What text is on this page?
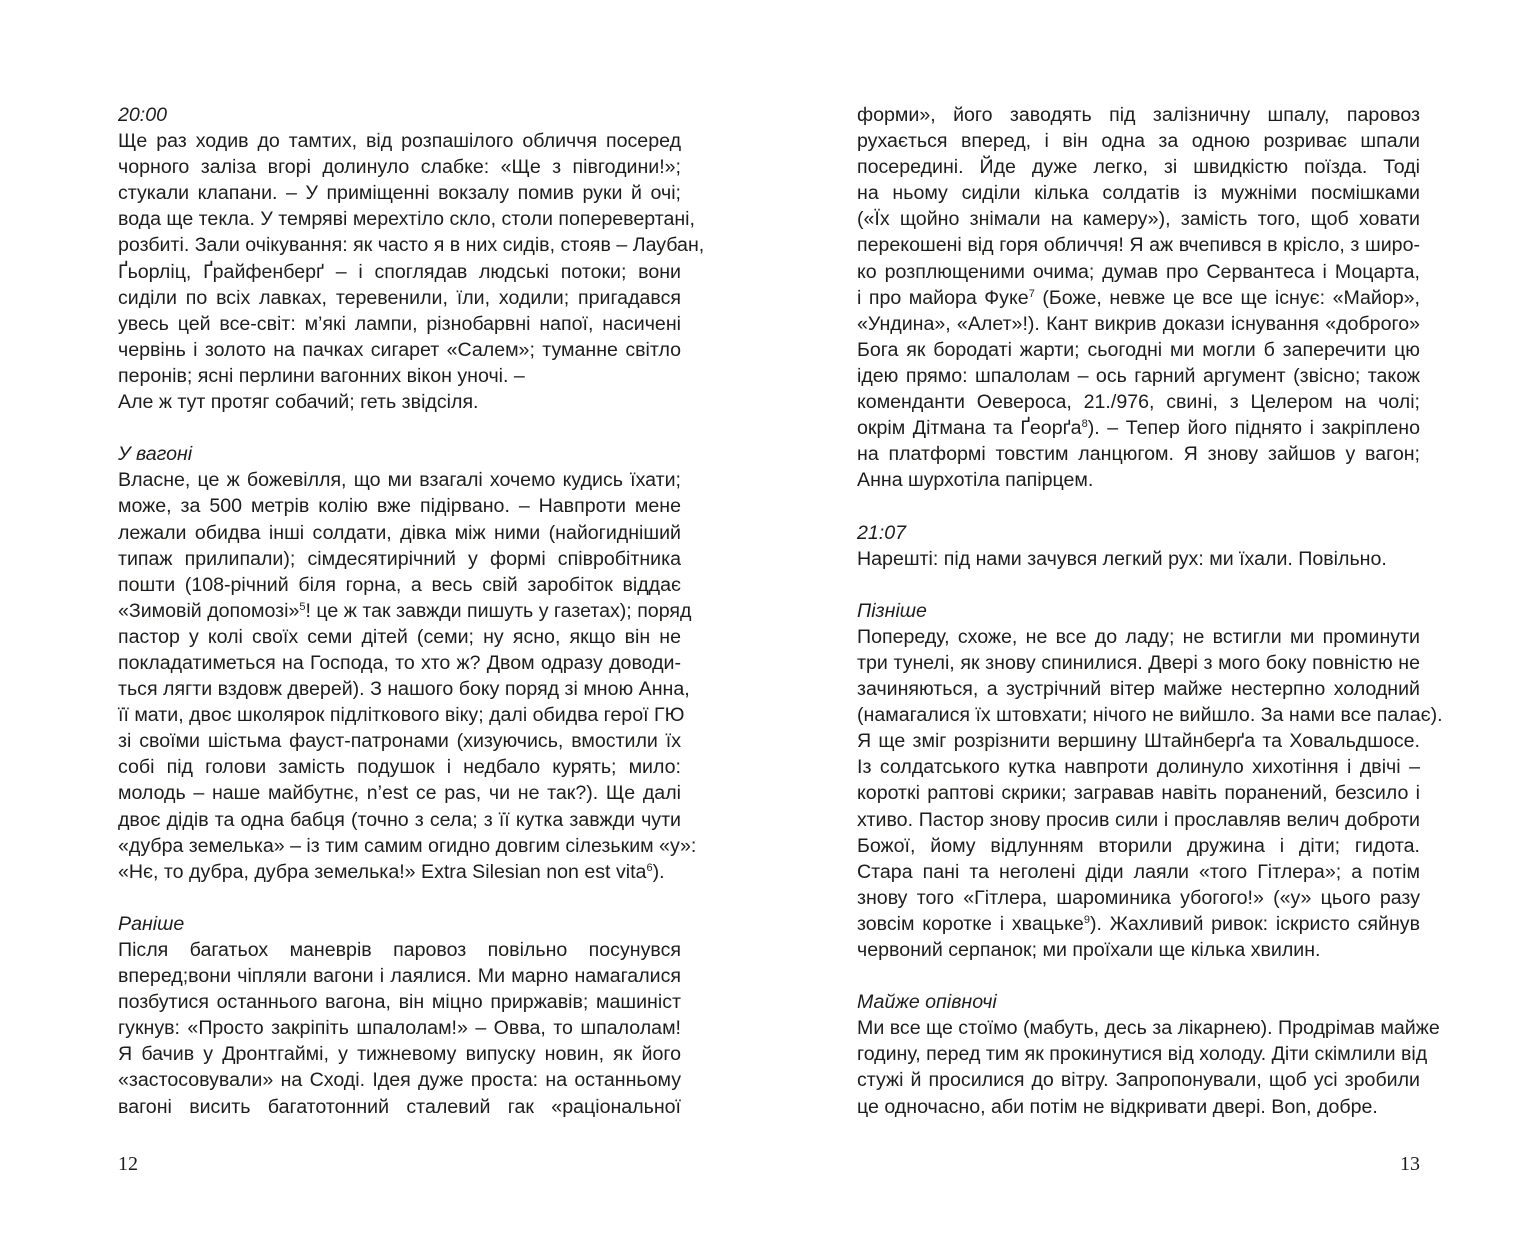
20:00
Ще раз ходив до тамтих, від розпашілого обличчя посеред
чорного заліза вгорі долинуло слабке: «Ще з півгодини!»;
стукали клапани. – У приміщенні вокзалу помив руки й очі;
вода ще текла. У темряві мерехтіло скло, столи поперевертані,
розбиті. Зали очікування: як часто я в них сидів, стояв – Лаубан,
Ґьорліц, Ґрайфенберґ – і споглядав людські потоки; вони
сиділи по всіх лавках, теревенили, їли, ходили; пригадався
увесь цей все-світ: м’які лампи, різнобарвні напої, насичені
червінь і золото на пачках сигарет «Салем»; туманне світло
перонів; ясні перлини вагонних вікон уночі. –
Але ж тут протяг собачий; геть звідсіля.
У вагоні
Власне, це ж божевілля, що ми взагалі хочемо кудись їхати;
може, за 500 метрів колію вже підірвано. – Навпроти мене
лежали обидва інші солдати, дівка між ними (найогидніший
типаж прилипали); сімдесятирічний у формі співробітника
пошти (108-річний біля горна, а весь свій заробіток віддає
«Зимовій допомозі»$^5$! це ж так завжди пишуть у газетах); поряд
пастор у колі своїх семи дітей (семи; ну ясно, якщо він не
покладатиметься на Господа, то хто ж? Двом одразу доводи-
ться лягти вздовж дверей). З нашого боку поряд зі мною Анна,
її мати, двоє школярок підліткового віку; далі обидва герої ГЮ
зі своїми шістьма фауст-патронами (хизуючись, вмостили їх
собі під голови замість подушок і недбало курять; мило:
молодь – наше майбутнє, n’est ce pas, чи не так?). Ще далі
двоє дідів та одна бабця (точно з села; з її кутка завжди чути
«дубра земелька» – із тим самим огидно довгим сілезьким «у»:
«Нє, то дубра, дубра земелька!» Extra Silesian non est vita$^6$).
Раніше
Після багатьох маневрів паровоз повільно посунувся
вперед;вони чіпляли вагони і лаялися. Ми марно намагалися
позбутися останнього вагона, він міцно приржавів; машиніст
гукнув: «Просто закріпіть шпалолам!» – Овва, то шпалолам!
Я бачив у Дронтгаймі, у тижневому випуску новин, як його
«застосовували» на Сході. Ідея дуже проста: на останньому
вагоні висить багатотонний сталевий гак «раціональної
12
форми», його заводять під залізничну шпалу, паровоз
рухається вперед, і він одна за одною розриває шпали
посередині. Йде дуже легко, зі швидкістю поїзда. Тоді
на ньому сиділи кілька солдатів із мужніми посмішками
(«Їх щойно знімали на камеру»), замість того, щоб ховати
перекошені від горя обличчя! Я аж вчепився в крісло, з широ-
ко розплющеними очима; думав про Сервантеса і Моцарта,
і про майора Фуке$^7$ (Боже, невже це все ще існує: «Майор»,
«Ундина», «Алет»!). Кант викрив докази існування «доброго»
Бога як бородаті жарти; сьогодні ми могли б заперечити цю
ідею прямо: шпалолам – ось гарний аргумент (звісно; також
коменданти Оевероса, 21./976, свині, з Целером на чолі;
окрім Дітмана та Ґеорґа$^8$). – Тепер його піднято і закріплено
на платформі товстим ланцюгом. Я знову зайшов у вагон;
Анна шурхотіла папірцем.
21:07
Нарешті: під нами зачувся легкий рух: ми їхали. Повільно.
Пізніше
Попереду, схоже, не все до ладу; не встигли ми проминути
три тунелі, як знову спинилися. Двері з мого боку повністю не
зачиняються, а зустрічний вітер майже нестерпно холодний
(намагалися їх штовхати; нічого не вийшло. За нами все палає).
Я ще зміг розрізнити вершину Штайнберґа та Ховальдшосе.
Із солдатського кутка навпроти долинуло хихотіння і двічі –
короткі раптові скрики; загравав навіть поранений, безсило і
хтиво. Пастор знову просив сили і прославляв велич доброти
Божої, йому відлунням вторили дружина і діти; гидота.
Стара пані та неголені діди лаяли «того Гітлера»; а потім
знову того «Гітлера, шароминика убогого!» («у» цього разу
зовсім коротке і хвацьке$^9$). Жахливий ривок: іскристо сяйнув
червоний серпанок; ми проїхали ще кілька хвилин.
Майже опівночі
Ми все ще стоїмо (мабуть, десь за лікарнею). Продрімав майже
годину, перед тим як прокинутися від холоду. Діти скімлили від
стужі й просилися до вітру. Запропонували, щоб усі зробили
це одночасно, аби потім не відкривати двері. Bon, добре.
13
